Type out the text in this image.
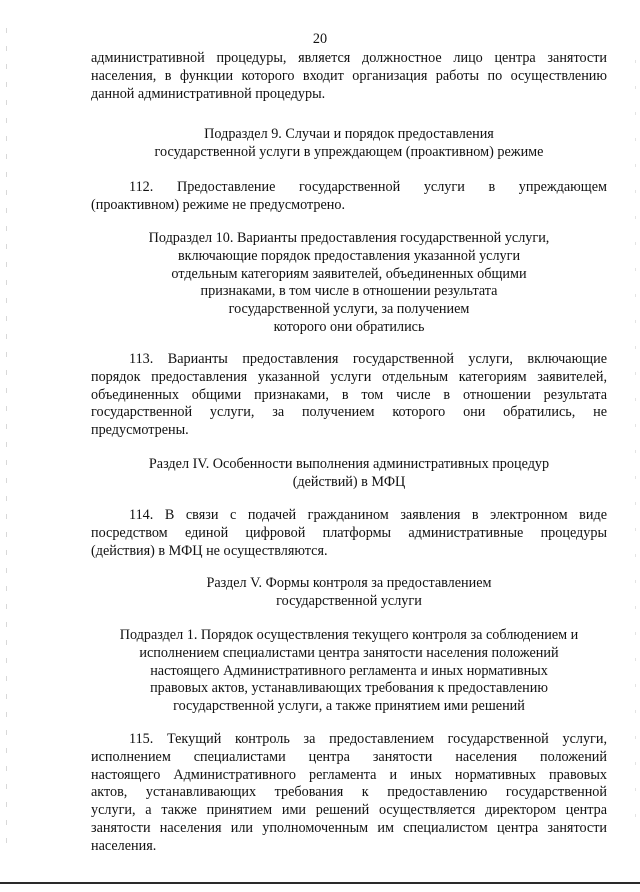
20
административной процедуры, является должностное лицо центра занятости
населения, в функции которого входит организация работы по осуществлению
данной административной процедуры.
Подраздел 9. Случаи и порядок предоставления
государственной услуги в упреждающем (проактивном) режиме
112. Предоставление государственной услуги в упреждающем
(проактивном) режиме не предусмотрено.
Подраздел 10. Варианты предоставления государственной услуги,
включающие порядок предоставления указанной услуги
отдельным категориям заявителей, объединенных общими
признаками, в том числе в отношении результата
государственной услуги, за получением
которого они обратились
113. Варианты предоставления государственной услуги, включающие
порядок предоставления указанной услуги отдельным категориям заявителей,
объединенных общими признаками, в том числе в отношении результата
государственной услуги, за получением которого они обратились, не
предусмотрены.
Раздел IV. Особенности выполнения административных процедур
(действий) в МФЦ
114. В связи с подачей гражданином заявления в электронном виде
посредством единой цифровой платформы административные процедуры
(действия) в МФЦ не осуществляются.
Раздел V. Формы контроля за предоставлением
государственной услуги
Подраздел 1. Порядок осуществления текущего контроля за соблюдением и
исполнением специалистами центра занятости населения положений
настоящего Административного регламента и иных нормативных
правовых актов, устанавливающих требования к предоставлению
государственной услуги, а также принятием ими решений
115. Текущий контроль за предоставлением государственной услуги,
исполнением специалистами центра занятости населения положений
настоящего Административного регламента и иных нормативных правовых
актов, устанавливающих требования к предоставлению государственной
услуги, а также принятием ими решений осуществляется директором центра
занятости населения или уполномоченным им специалистом центра занятости
населения.
